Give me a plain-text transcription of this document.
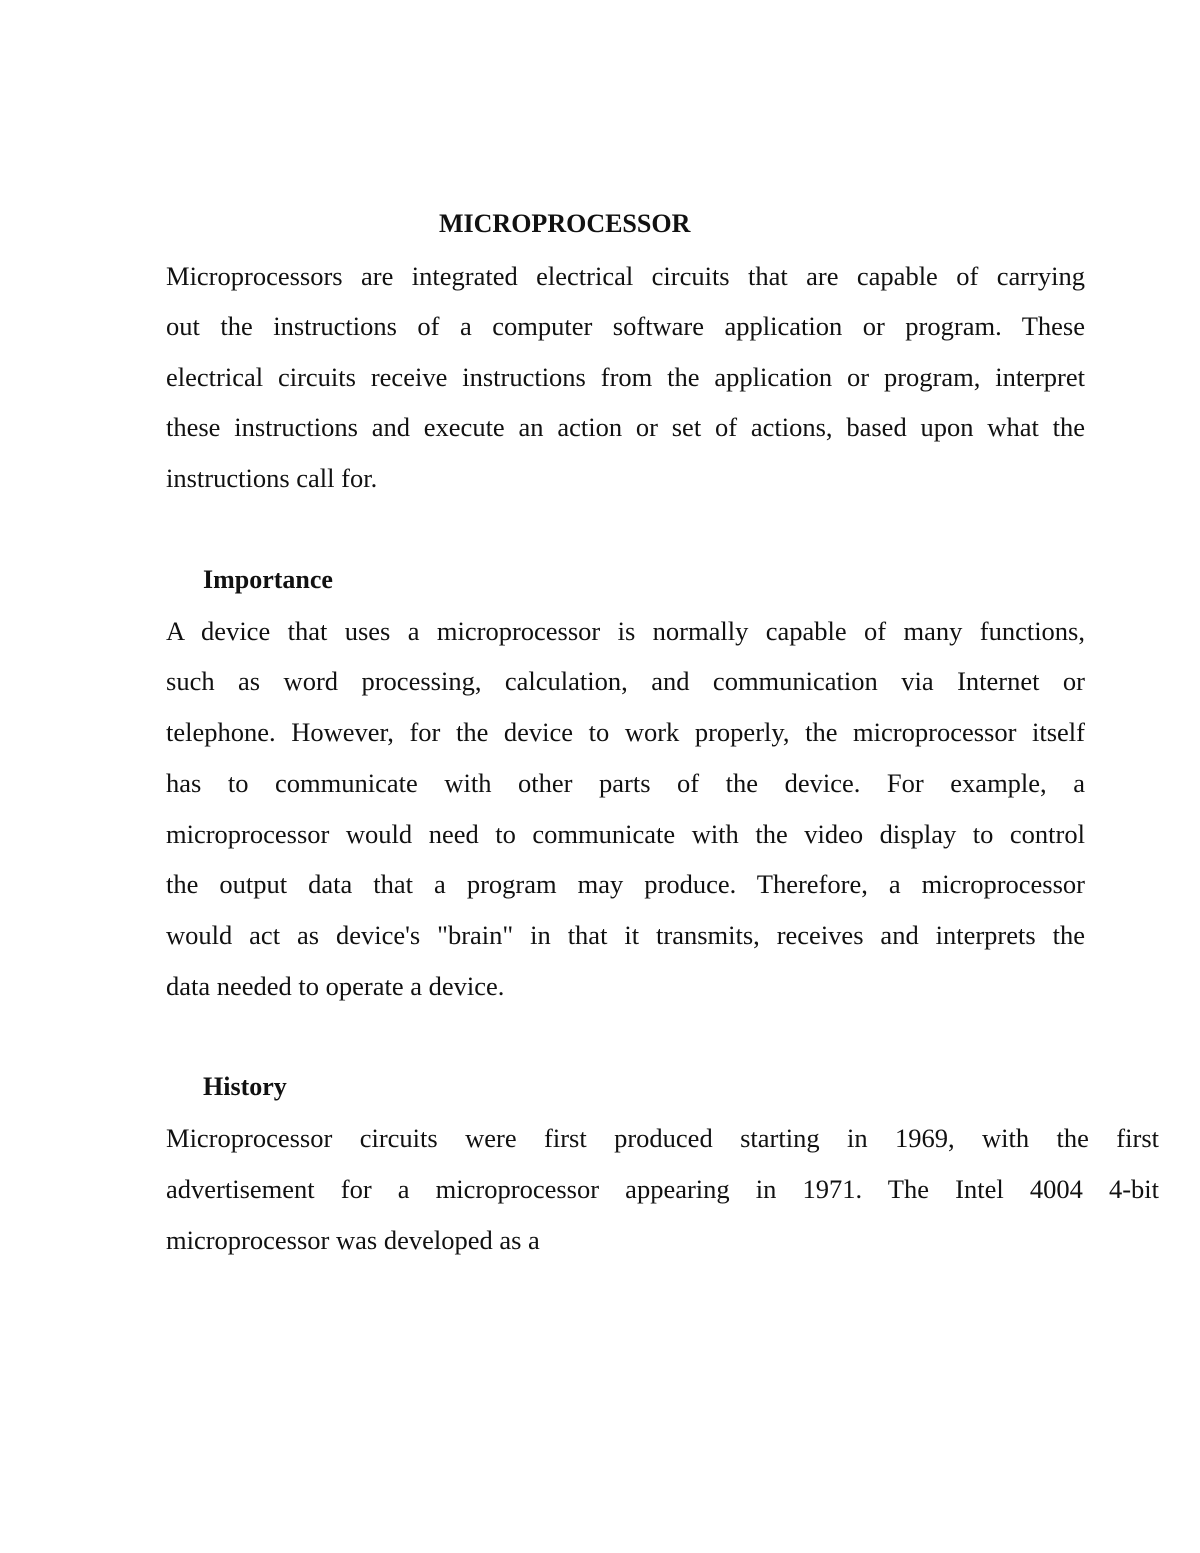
MICROPROCESSOR
Microprocessors are integrated electrical circuits that are capable of carrying
out the instructions of a computer software application or program. These
electrical circuits receive instructions from the application or program, interpret
these instructions and execute an action or set of actions, based upon what the
instructions call for.
Importance
A device that uses a microprocessor is normally capable of many functions,
such as word processing, calculation, and communication via Internet or
telephone. However, for the device to work properly, the microprocessor itself
has to communicate with other parts of the device. For example, a
microprocessor would need to communicate with the video display to control
the output data that a program may produce. Therefore, a microprocessor
would act as device's "brain" in that it transmits, receives and interprets the
data needed to operate a device.
History
Microprocessor circuits were first produced starting in 1969, with the first
advertisement for a microprocessor appearing in 1971. The Intel 4004 4-bit
microprocessor was developed as a
